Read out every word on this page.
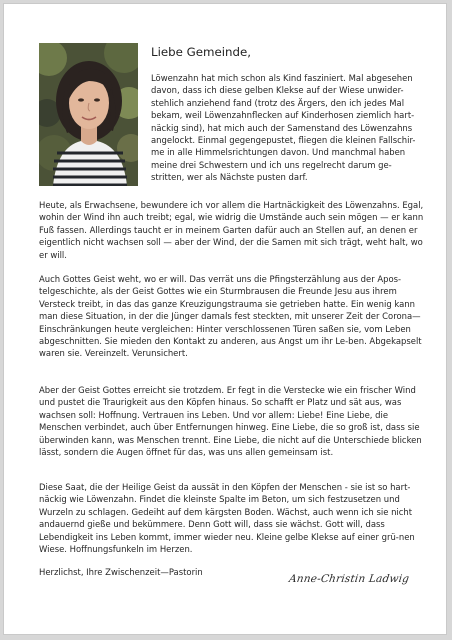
Liebe Gemeinde,

Löwenzahn hat mich schon als Kind fasziniert. Mal abgesehen davon, dass ich diese gelben Klekse auf der Wiese unwider-stehlich anziehend fand (trotz des Ärgers, den ich jedes Mal bekam, weil Löwenzahnflecken auf Kinderhosen ziemlich hart-näckig sind), hat mich auch der Samenstand des Löwenzahns angelockt. Einmal gegengepustet, fliegen die kleinen Fallschir-me in alle Himmelsrichtungen davon. Und manchmal haben meine drei Schwestern und ich uns regelrecht darum ge-stritten, wer als Nächste pusten darf.

Heute, als Erwachsene, bewundere ich vor allem die Hartnäckigkeit des Löwenzahns. Egal, wohin der Wind ihn auch treibt; egal, wie widrig die Umstände auch sein mögen — er kann Fuß fassen. Allerdings taucht er in meinem Garten dafür auch an Stellen auf, an denen er eigentlich nicht wachsen soll — aber der Wind, der die Samen mit sich trägt, weht halt, wo er will.

Auch Gottes Geist weht, wo er will. Das verrät uns die Pfingsterzählung aus der Apos-telgeschichte, als der Geist Gottes wie ein Sturmbrausen die Freunde Jesu aus ihrem Versteck treibt, in das das ganze Kreuzigungstrauma sie getrieben hatte. Ein wenig kann man diese Situation, in der die Jünger damals fest steckten, mit unserer Zeit der Corona—Einschränkungen heute vergleichen: Hinter verschlossenen Türen saßen sie, vom Leben abgeschnitten. Sie mieden den Kontakt zu anderen, aus Angst um ihr Le-ben. Abgekapselt waren sie. Vereinzelt. Verunsichert.

Aber der Geist Gottes erreicht sie trotzdem. Er fegt in die Verstecke wie ein frischer Wind und pustet die Traurigkeit aus den Köpfen hinaus. So schafft er Platz und sät aus, was wachsen soll: Hoffnung. Vertrauen ins Leben. Und vor allem: Liebe! Eine Liebe, die Menschen verbindet, auch über Entfernungen hinweg. Eine Liebe, die so groß ist, dass sie überwinden kann, was Menschen trennt. Eine Liebe, die nicht auf die Unterschiede blicken lässt, sondern die Augen öffnet für das, was uns allen gemeinsam ist.

Diese Saat, die der Heilige Geist da aussät in den Köpfen der Menschen - sie ist so hart-näckig wie Löwenzahn. Findet die kleinste Spalte im Beton, um sich festzusetzen und Wurzeln zu schlagen. Gedeiht auf dem kärgsten Boden. Wächst, auch wenn ich sie nicht andauernd gieße und bekümmere. Denn Gott will, dass sie wächst. Gott will, dass Lebendigkeit ins Leben kommt, immer wieder neu. Kleine gelbe Klekse auf einer grü-nen Wiese. Hoffnungsfunkeln im Herzen.

Herzlichst, Ihre Zwischenzeit—Pastorin
Anne-Christin Ladwig
